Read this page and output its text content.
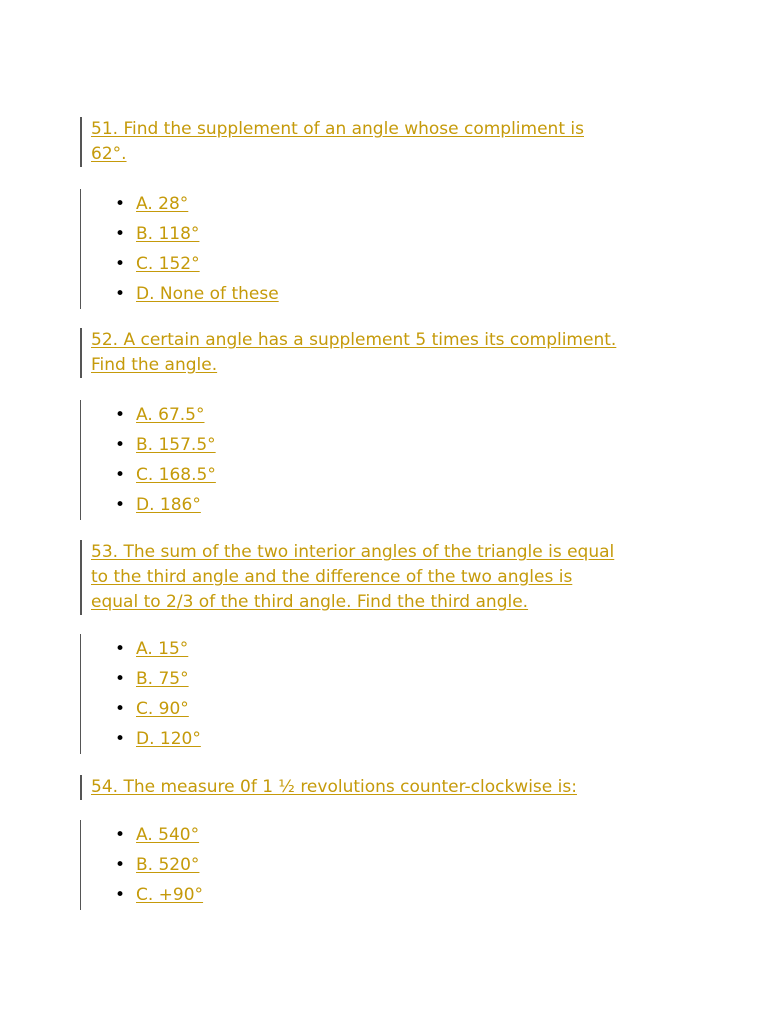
51. Find the supplement of an angle whose compliment is
62°.
• A. 28°
• B. 118°
• C. 152°
• D. None of these
52. A certain angle has a supplement 5 times its compliment.
Find the angle.
• A. 67.5°
• B. 157.5°
• C. 168.5°
• D. 186°
53. The sum of the two interior angles of the triangle is equal
to the third angle and the difference of the two angles is
equal to 2/3 of the third angle. Find the third angle.
• A. 15°
• B. 75°
• C. 90°
• D. 120°
54. The measure 0f 1 ½ revolutions counter-clockwise is:
• A. 540°
• B. 520°
• C. +90°
